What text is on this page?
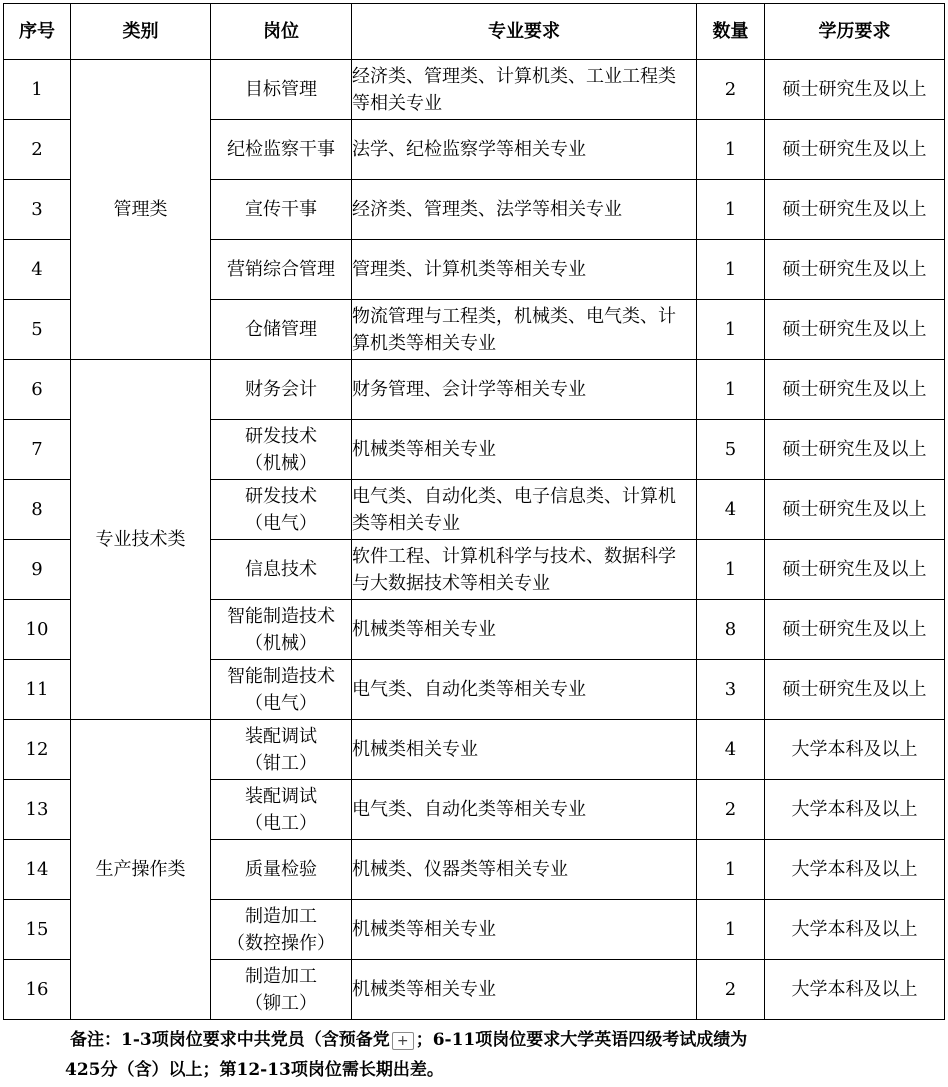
序号	类别	岗位	专业要求	数量	学历要求
1	管理类	目标管理	经济类、管理类、计算机类、工业工程类
等相关专业	2	硕士研究生及以上
2		纪检监察干事	法学、纪检监察学等相关专业	1	硕士研究生及以上
3		宣传干事	经济类、管理类、法学等相关专业	1	硕士研究生及以上
4		营销综合管理	管理类、计算机类等相关专业	1	硕士研究生及以上
5		仓储管理	物流管理与工程类，机械类、电气类、计
算机类等相关专业	1	硕士研究生及以上
6	专业技术类	财务会计	财务管理、会计学等相关专业	1	硕士研究生及以上
7		研发技术
（机械）	机械类等相关专业	5	硕士研究生及以上
8		研发技术
（电气）	电气类、自动化类、电子信息类、计算机
类等相关专业	4	硕士研究生及以上
9		信息技术	软件工程、计算机科学与技术、数据科学
与大数据技术等相关专业	1	硕士研究生及以上
10		智能制造技术
（机械）	机械类等相关专业	8	硕士研究生及以上
11		智能制造技术
（电气）	电气类、自动化类等相关专业	3	硕士研究生及以上
12	生产操作类	装配调试
（钳工）	机械类相关专业	4	大学本科及以上
13		装配调试
（电工）	电气类、自动化类等相关专业	2	大学本科及以上
14		质量检验	机械类、仪器类等相关专业	1	大学本科及以上
15		制造加工
（数控操作）	机械类等相关专业	1	大学本科及以上
16		制造加工
（铆工）	机械类等相关专业	2	大学本科及以上
备注：1-3项岗位要求中共党员（含预备党 + ；6-11项岗位要求大学英语四级考试成绩为
425分（含）以上；第12-13项岗位需长期出差。
